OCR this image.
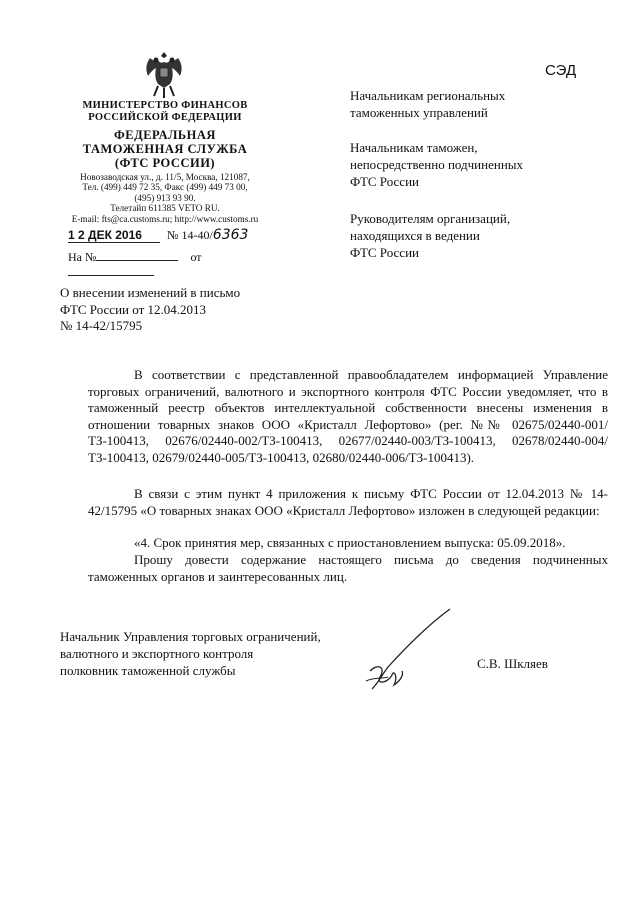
СЭД
МИНИСТЕРСТВО ФИНАНСОВ
РОССИЙСКОЙ ФЕДЕРАЦИИ
ФЕДЕРАЛЬНАЯ
ТАМОЖЕННАЯ СЛУЖБА
(ФТС РОССИИ)
Новозаводская ул., д. 11/5, Москва, 121087,
Тел. (499) 449 72 35, Факс (499) 449 73 00,
(495) 913 93 90.
Телетайп 611385 VETO RU.
E-mail: fts@ca.customs.ru; http://www.customs.ru
1 2 ДЕК 2016 № 14-40/6363
На №	от
Начальникам региональных
таможенных управлений
Начальникам таможен,
непосредственно подчиненных
ФТС России
Руководителям организаций,
находящихся в ведении
ФТС России
О внесении изменений в письмо
ФТС России от 12.04.2013
№ 14-42/15795
В соответствии с представленной правообладателем информацией Управление торговых ограничений, валютного и экспортного контроля ФТС России уведомляет, что в таможенный реестр объектов интеллектуальной собственности внесены изменения в отношении товарных знаков ООО «Кристалл Лефортово» (рег. №№ 02675/02440-001/ТЗ-100413, 02676/02440-002/ТЗ-100413, 02677/02440-003/ТЗ-100413, 02678/02440-004/ТЗ-100413, 02679/02440-005/ТЗ-100413, 02680/02440-006/ТЗ-100413).
В связи с этим пункт 4 приложения к письму ФТС России от 12.04.2013 № 14-42/15795 «О товарных знаках ООО «Кристалл Лефортово» изложен в следующей редакции:
«4. Срок принятия мер, связанных с приостановлением выпуска: 05.09.2018».
Прошу довести содержание настоящего письма до сведения подчиненных таможенных органов и заинтересованных лиц.
Начальник Управления торговых ограничений,
валютного и экспортного контроля
полковник таможенной службы	С.В. Шкляев
